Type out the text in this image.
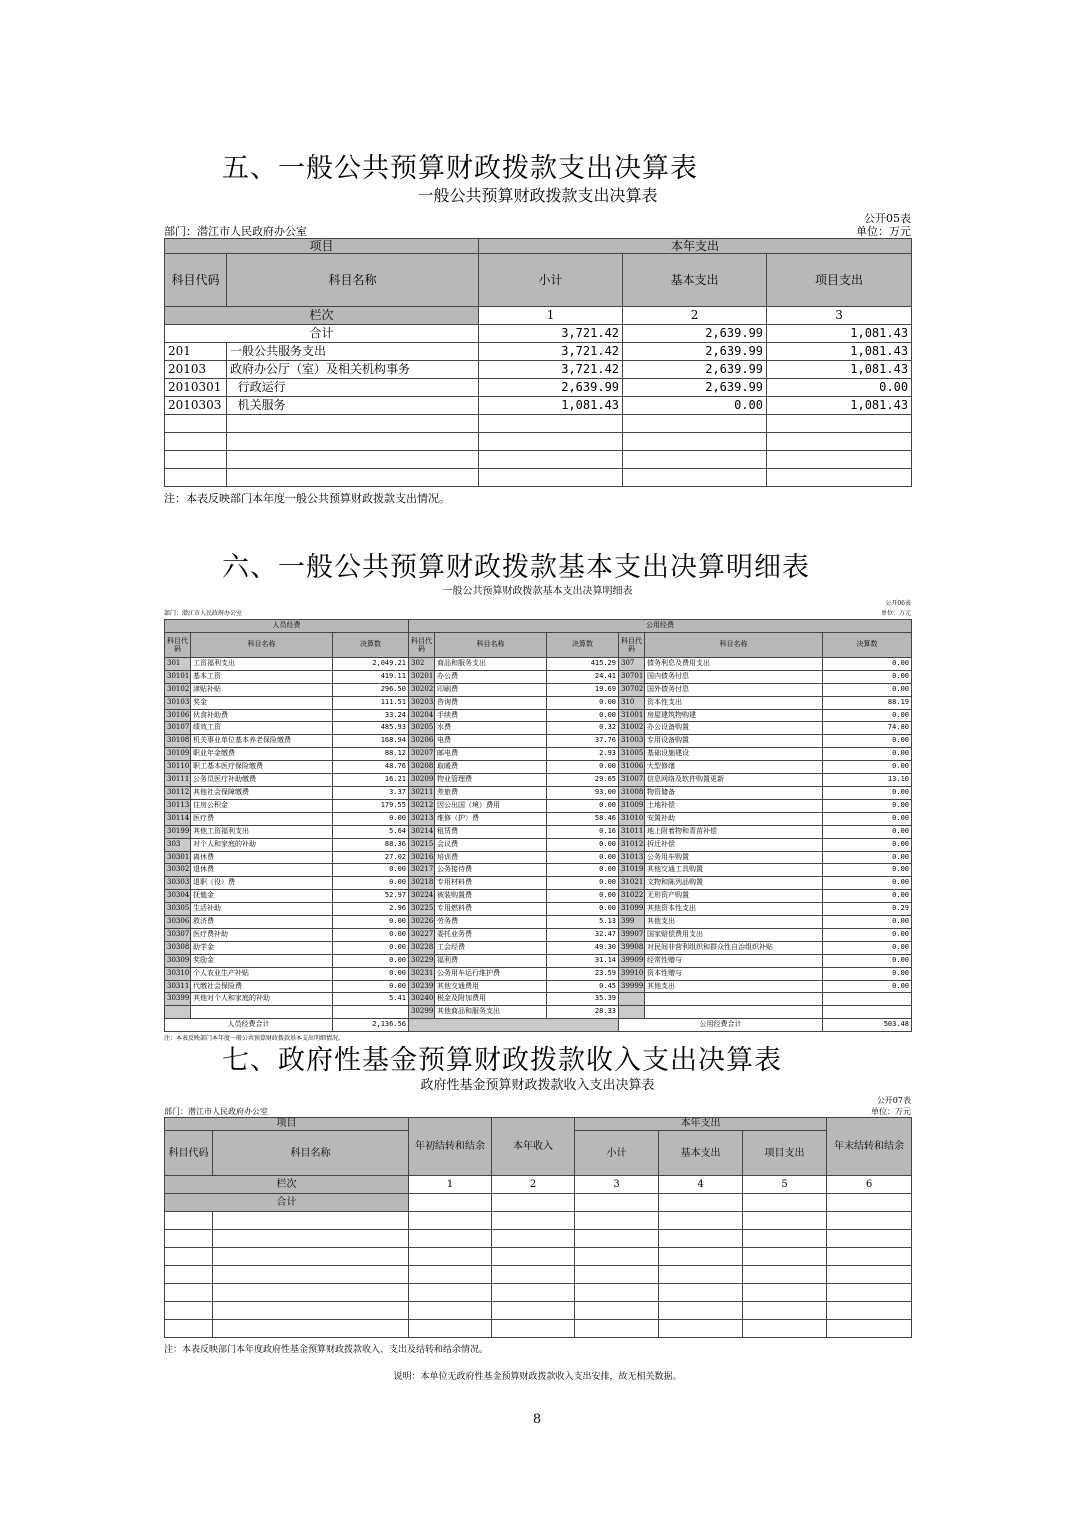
五、一般公共预算财政拨款支出决算表
一般公共预算财政拨款支出决算表
公开05表
部门：潜江市人民政府办公室	单位：万元
项目		本年支出		
科目代码	科目名称	小计	基本支出	项目支出
栏次		1	2	3
合计		3,721.42	2,639.99	1,081.43
201	一般公共服务支出	3,721.42	2,639.99	1,081.43
20103	政府办公厅（室）及相关机构事务	3,721.42	2,639.99	1,081.43
2010301	行政运行	2,639.99	2,639.99	0.00
2010303	机关服务	1,081.43	0.00	1,081.43

注：本表反映部门本年度一般公共预算财政拨款支出情况。
六、一般公共预算财政拨款基本支出决算明细表
一般公共预算财政拨款基本支出决算明细表
公开06表
部门：潜江市人民政府办公室	单位：万元
人员经费			公用经费					
科目代码	科目名称	决算数	科目代码	科目名称	决算数	科目代码	科目名称	决算数
301	工资福利支出	2,049.21	302	商品和服务支出	415.29	307	债务利息及费用支出	0.00
30101	基本工资	419.11	30201	办公费	24.41	30701	国内债务付息	0.00
30102	津贴补贴	296.50	30202	印刷费	19.69	30702	国外债务付息	0.00
30103	奖金	111.51	30203	咨询费	0.00	310	资本性支出	88.19
30106	伙食补助费	33.24	30204	手续费	0.00	31001	房屋建筑物购建	0.00
30107	绩效工资	485.93	30205	水费	0.32	31002	办公设备购置	74.80
30108	机关事业单位基本养老保险缴费	168.94	30206	电费	37.76	31003	专用设备购置	0.00
30109	职业年金缴费	88.12	30207	邮电费	2.93	31005	基础设施建设	0.00
30110	职工基本医疗保险缴费	48.76	30208	取暖费	0.00	31006	大型修缮	0.00
30111	公务员医疗补助缴费	16.21	30209	物业管理费	29.65	31007	信息网络及软件购置更新	13.10
30112	其他社会保障缴费	3.37	30211	差旅费	93.00	31008	物资储备	0.00
30113	住房公积金	179.55	30212	因公出国（境）费用	0.00	31009	土地补偿	0.00
30114	医疗费	0.00	30213	维修（护）费	58.46	31010	安置补助	0.00
30199	其他工资福利支出	5.64	30214	租赁费	0.16	31011	地上附着物和青苗补偿	0.00
303	对个人和家庭的补助	88.36	30215	会议费	0.00	31012	拆迁补偿	0.00
30301	离休费	27.02	30216	培训费	0.00	31013	公务用车购置	0.00
30302	退休费	0.00	30217	公务接待费	0.00	31019	其他交通工具购置	0.00
30303	退职（役）费	0.00	30218	专用材料费	0.00	31021	文物和陈列品购置	0.00
30304	抚恤金	52.97	30224	被装购置费	0.00	31022	无形资产购置	0.00
30305	生活补助	2.96	30225	专用燃料费	0.00	31099	其他资本性支出	0.29
30306	救济费	0.00	30226	劳务费	5.13	399	其他支出	0.00
30307	医疗费补助	0.00	30227	委托业务费	32.47	39907	国家赔偿费用支出	0.00
30308	助学金	0.00	30228	工会经费	49.30	39908	对民间非营利组织和群众性自治组织补贴	0.00
30309	奖励金	0.00	30229	福利费	31.14	39909	经常性赠与	0.00
30310	个人农业生产补贴	0.00	30231	公务用车运行维护费	23.59	39910	资本性赠与	0.00
30311	代缴社会保险费	0.00	30239	其他交通费用	0.45	39999	其他支出	0.00
30399	其他对个人和家庭的补助	5.41	30240	税金及附加费用	35.39			
			30299	其他商品和服务支出	28.33			
人员经费合计		2,136.56				公用经费合计		503.48
注：本表反映部门本年度一般公共预算财政拨款基本支出明细情况。
七、政府性基金预算财政拨款收入支出决算表
政府性基金预算财政拨款收入支出决算表
公开07表
部门：潜江市人民政府办公室	单位：万元
项目		年初结转和结余	本年收入	本年支出			年末结转和结余
科目代码	科目名称			小计	基本支出	项目支出	
栏次		1	2	3	4	5	6
合计							

注：本表反映部门本年度政府性基金预算财政拨款收入、支出及结转和结余情况。
说明：本单位无政府性基金预算财政拨款收入支出安排，故无相关数据。
8
